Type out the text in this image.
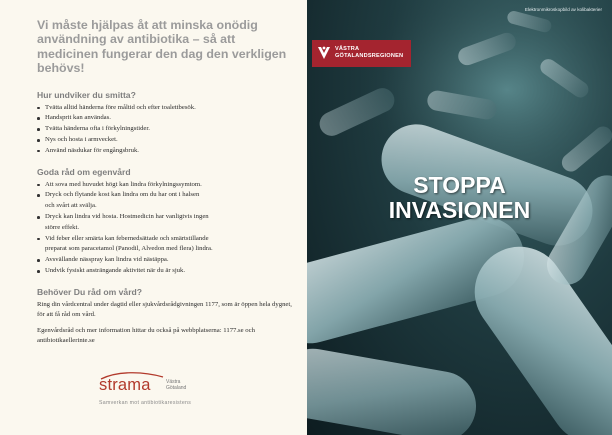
Vi måste hjälpas åt att minska onödig användning av antibiotika – så att medicinen fungerar den dag den verkligen behövs!
Hur undviker du smitta?
Tvätta alltid händerna före måltid och efter toalettbesök.
Handsprit kan användas.
Tvätta händerna ofta i förkylningstider.
Nys och hosta i armvecket.
Använd näsdukar för engångsbruk.
Goda råd om egenvård
Att sova med huvudet högt kan lindra förkylningssymtom.
Dryck och flytande kost kan lindra om du har ont i halsen
och svårt att svälja.
Dryck kan lindra vid hosta. Hostmedicin har vanligtvis ingen
större effekt.
Vid feber eller smärta kan febernedsättade och smärtstillande
preparat som paracetamol (Panodil, Alvedon med flera) lindra.
Avsvällande nässpray kan lindra vid nästäppa.
Undvik fysiskt ansträngande aktivitet när du är sjuk.
Behöver Du råd om vård?

Ring din vårdcentral under dagtid eller sjukvårdsrådgivningen 1177, som är öppen hela dygnet, för att få råd om vård.

Egenvårdsråd och mer information hittar du också på webbplatserna: 1177.se och antibiotikaellerinte.se

strama	Västra
Götaland
Samverkan mot antibiotikaresistens
Elektronmikroskopbild av kolibakterier
VÄSTRA
GÖTALANDSREGIONEN
STOPPA
INVASIONEN
